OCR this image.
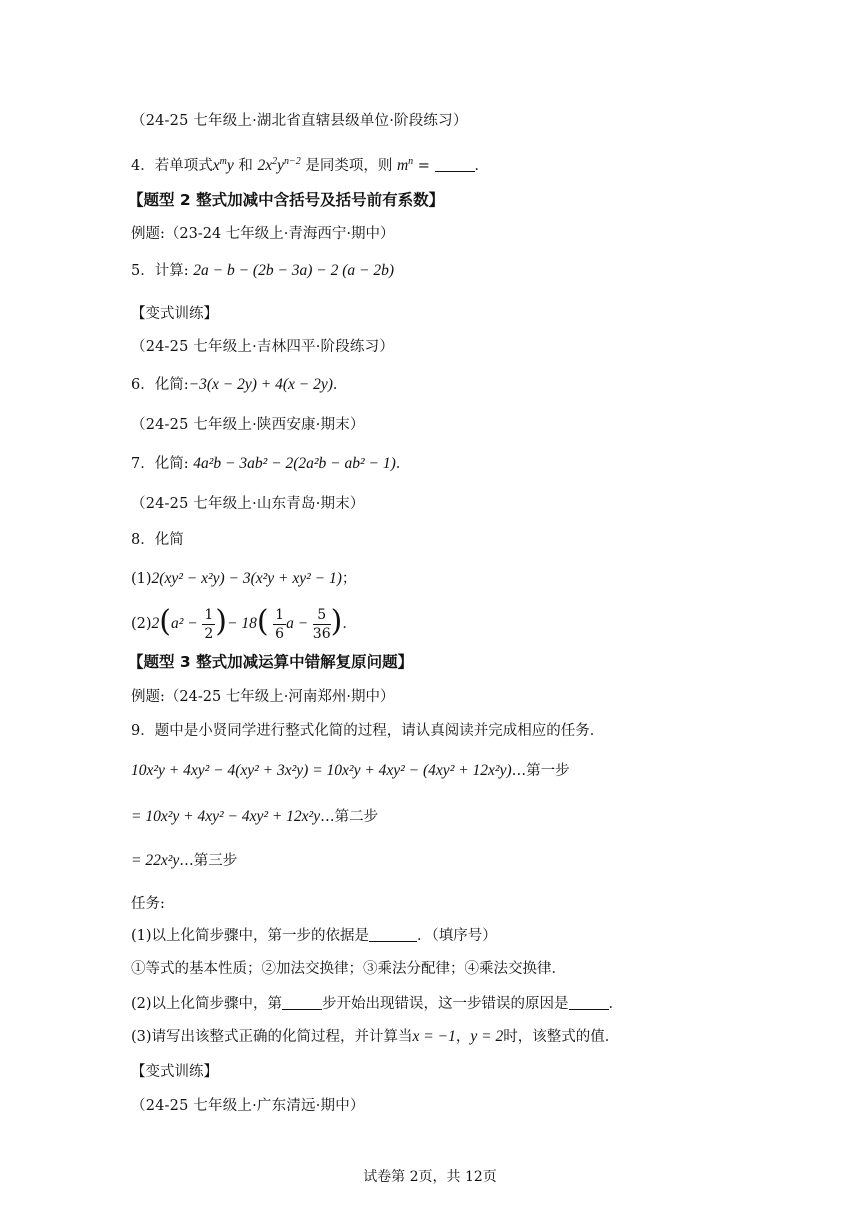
（24-25 七年级上·湖北省直辖县级单位·阶段练习）
4．若单项式$x^my$ 和 $2x^2y^{n-2}$ 是同类项，则 $m^n$ =	．
【题型 2 整式加减中含括号及括号前有系数】
例题:（23-24 七年级上·青海西宁·期中）
5．计算: 2a − b − (2b − 3a) − 2 (a − 2b)
【变式训练】
（24-25 七年级上·吉林四平·阶段练习）
6．化简:−3(x − 2y) + 4(x − 2y)．
（24-25 七年级上·陕西安康·期末）
7．化简: 4a²b − 3ab² − 2(2a²b − ab² − 1)．
（24-25 七年级上·山东青岛·期末）
8．化简
(1)2(xy² − x²y) − 3(x²y + xy² − 1)；
$(2)2(a^2 - \frac{1}{2}$ )− $18( \frac{1}{6}$ $a - \frac{5}{36}$ )．
【题型 3 整式加减运算中错解复原问题】
例题:（24-25 七年级上·河南郑州·期中）
9．题中是小贤同学进行整式化简的过程，请认真阅读并完成相应的任务．
10x²y + 4xy² − 4(xy² + 3x²y) = 10x²y + 4xy² − (4xy² + 12x²y)…第一步
= 10x²y + 4xy² − 4xy² + 12x²y…第二步
= 22x²y…第三步
任务:
(1)以上化简步骤中，第一步的依据是	．（填序号）
①等式的基本性质；②加法交换律；③乘法分配律；④乘法交换律．
(2)以上化简步骤中，第	步开始出现错误，这一步错误的原因是	．
(3)请写出该整式正确的化简过程，并计算当x = −1，y = 2时，该整式的值．
【变式训练】
（24-25 七年级上·广东清远·期中）
试卷第 2页，共 12页
